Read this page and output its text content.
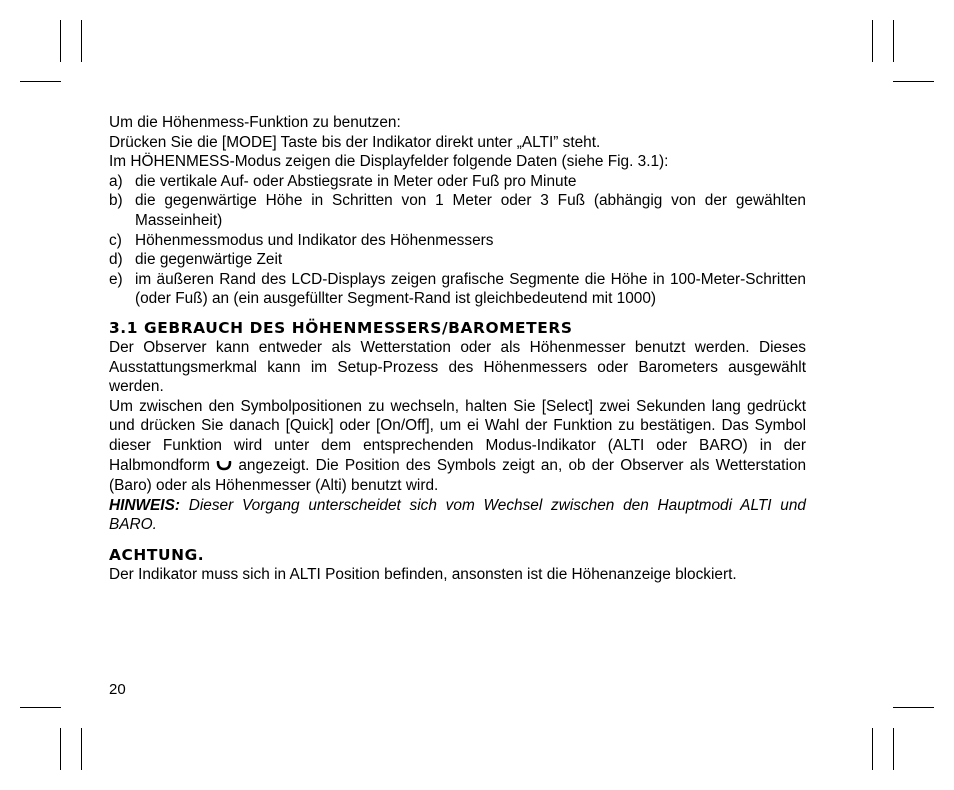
Um die Höhenmess-Funktion zu benutzen:

Drücken Sie die [MODE] Taste bis der Indikator direkt unter „ALTI” steht.

Im HÖHENMESS-Modus zeigen die Displayfelder folgende Daten (siehe Fig. 3.1):

a) die vertikale Auf- oder Abstiegsrate in Meter oder Fuß pro Minute
b) die gegenwärtige Höhe in Schritten von 1 Meter oder 3 Fuß (abhängig von der gewählten Masseinheit)
c) Höhenmessmodus und Indikator des Höhenmessers
d) die gegenwärtige Zeit
e) im äußeren Rand des LCD-Displays zeigen grafische Segmente die Höhe in 100-Meter-Schritten (oder Fuß) an (ein ausgefüllter Segment-Rand ist gleichbedeutend mit 1000)
3.1 GEBRAUCH DES HÖHENMESSERS/BAROMETERS

Der Observer kann entweder als Wetterstation oder als Höhenmesser benutzt werden. Dieses Ausstattungsmerkmal kann im Setup-Prozess des Höhenmessers oder Barometers ausgewählt werden.

Um zwischen den Symbolpositionen zu wechseln, halten Sie [Select] zwei Sekunden lang gedrückt und drücken Sie danach [Quick] oder [On/Off], um ei Wahl der Funktion zu bestätigen. Das Symbol dieser Funktion wird unter dem entsprechenden Modus-Indikator (ALTI oder BARO) in der Halbmondform  angezeigt. Die Position des Symbols zeigt an, ob der Observer als Wetterstation (Baro) oder als Höhenmesser (Alti) benutzt wird.

HINWEIS: Dieser Vorgang unterscheidet sich vom Wechsel zwischen den Hauptmodi ALTI und BARO.

ACHTUNG.

Der Indikator muss sich in ALTI Position befinden, ansonsten ist die Höhenanzeige blockiert.

20
